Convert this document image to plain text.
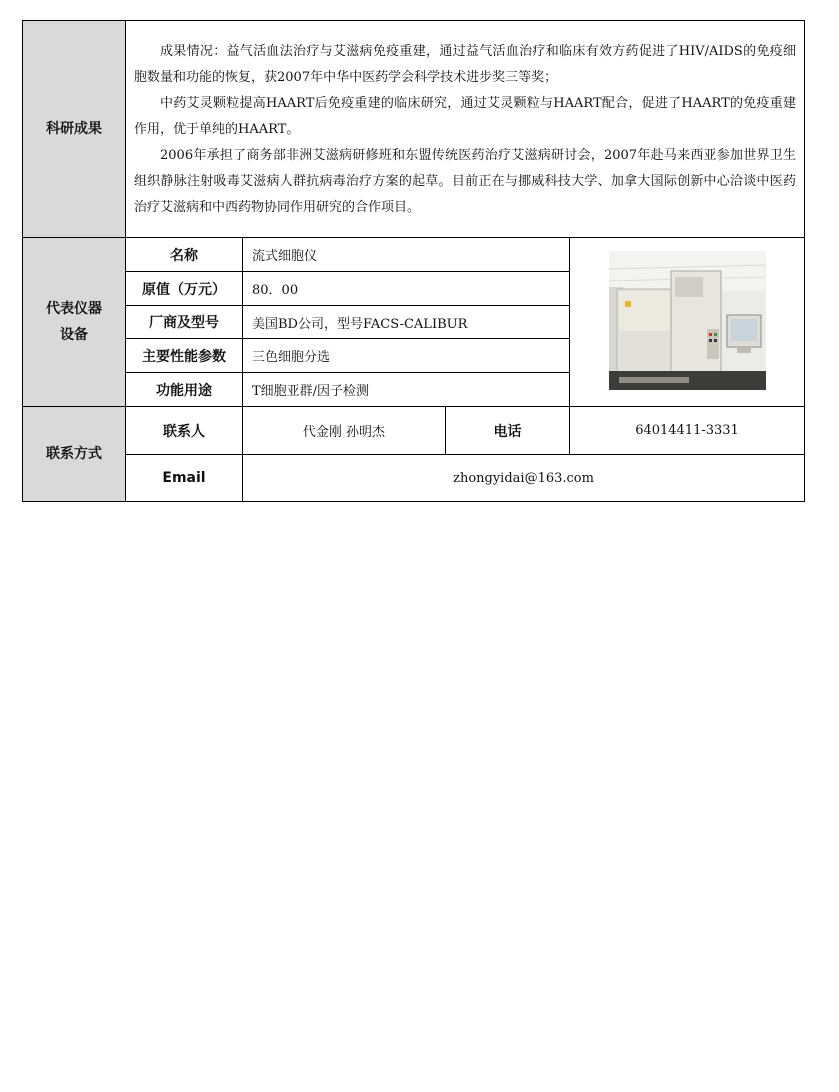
科研成果	成果情况：益气活血法治疗与艾滋病免疫重建，通过益气活血治疗和临床有效方药促进了HIV/AIDS的免疫细胞数量和功能的恢复，获2007年中华中医药学会科学技术进步奖三等奖；

中药艾灵颗粒提高HAART后免疫重建的临床研究，通过艾灵颗粒与HAART配合，促进了HAART的免疫重建作用，优于单纯的HAART。

2006年承担了商务部非洲艾滋病研修班和东盟传统医药治疗艾滋病研讨会，2007年赴马来西亚参加世界卫生组织静脉注射吸毒艾滋病人群抗病毒治疗方案的起草。目前正在与挪威科技大学、加拿大国际创新中心洽谈中医药治疗艾滋病和中西药物协同作用研究的合作项目。			

代表仪器设备	名称	流式细胞仪	
	原值（万元）	80．00		
	厂商及型号	美国BD公司，型号FACS-CALIBUR		
	主要性能参数	三色细胞分选		
	功能用途	T细胞亚群/因子检测		
联系方式	联系人	代金刚 孙明杰	电话	64014411-3331
	Email	zhongyidai@163.com		
